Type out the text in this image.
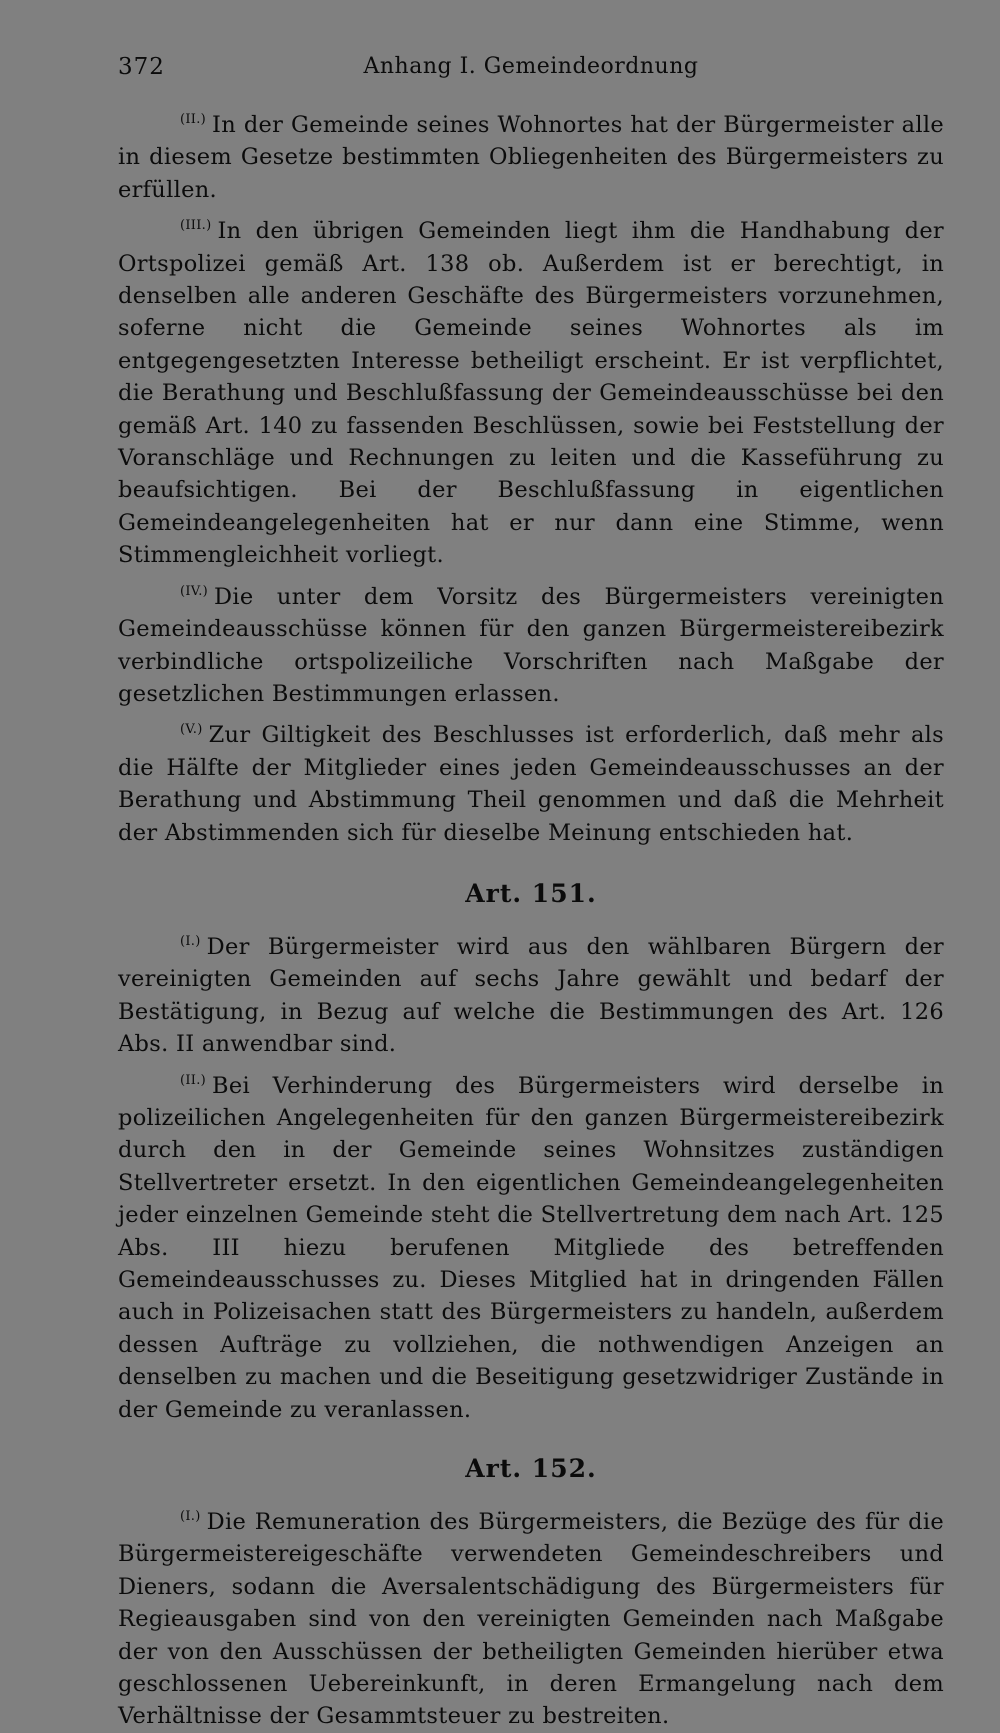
372	Anhang I. Gemeindeordnung

$^{(II.)}$ In der Gemeinde seines Wohnortes hat der Bürgermeister alle in diesem Gesetze bestimmten Obliegenheiten des Bürgermeisters zu erfüllen.

$^{(III.)}$ In den übrigen Gemeinden liegt ihm die Handhabung der Ortspolizei gemäß Art. 138 ob. Außerdem ist er berechtigt, in denselben alle anderen Geschäfte des Bürgermeisters vorzunehmen, soferne nicht die Gemeinde seines Wohnortes als im entgegengesetzten Interesse betheiligt erscheint. Er ist verpflichtet, die Berathung und Beschlußfassung der Gemeindeausschüsse bei den gemäß Art. 140 zu fassenden Beschlüssen, sowie bei Feststellung der Voranschläge und Rechnungen zu leiten und die Kasseführung zu beaufsichtigen. Bei der Beschlußfassung in eigentlichen Gemeindeangelegenheiten hat er nur dann eine Stimme, wenn Stimmengleichheit vorliegt.

$^{(IV.)}$ Die unter dem Vorsitz des Bürgermeisters vereinigten Gemeindeausschüsse können für den ganzen Bürgermeistereibezirk verbindliche ortspolizeiliche Vorschriften nach Maßgabe der gesetzlichen Bestimmungen erlassen.

$^{(V.)}$ Zur Giltigkeit des Beschlusses ist erforderlich, daß mehr als die Hälfte der Mitglieder eines jeden Gemeindeausschusses an der Berathung und Abstimmung Theil genommen und daß die Mehrheit der Abstimmenden sich für dieselbe Meinung entschieden hat.

Art. 151.

$^{(I.)}$ Der Bürgermeister wird aus den wählbaren Bürgern der vereinigten Gemeinden auf sechs Jahre gewählt und bedarf der Bestätigung, in Bezug auf welche die Bestimmungen des Art. 126 Abs. II anwendbar sind.

$^{(II.)}$ Bei Verhinderung des Bürgermeisters wird derselbe in polizeilichen Angelegenheiten für den ganzen Bürgermeistereibezirk durch den in der Gemeinde seines Wohnsitzes zuständigen Stellvertreter ersetzt. In den eigentlichen Gemeindeangelegenheiten jeder einzelnen Gemeinde steht die Stellvertretung dem nach Art. 125 Abs. III hiezu berufenen Mitgliede des betreffenden Gemeindeausschusses zu. Dieses Mitglied hat in dringenden Fällen auch in Polizeisachen statt des Bürgermeisters zu handeln, außerdem dessen Aufträge zu vollziehen, die nothwendigen Anzeigen an denselben zu machen und die Beseitigung gesetzwidriger Zustände in der Gemeinde zu veranlassen.

Art. 152.

$^{(I.)}$ Die Remuneration des Bürgermeisters, die Bezüge des für die Bürgermeistereigeschäfte verwendeten Gemeindeschreibers und Dieners, sodann die Aversalentschädigung des Bürgermeisters für Regieausgaben sind von den vereinigten Gemeinden nach Maßgabe der von den Ausschüssen der betheiligten Gemeinden hierüber etwa geschlossenen Uebereinkunft, in deren Ermangelung nach dem Verhältnisse der Gesammtsteuer zu bestreiten.
